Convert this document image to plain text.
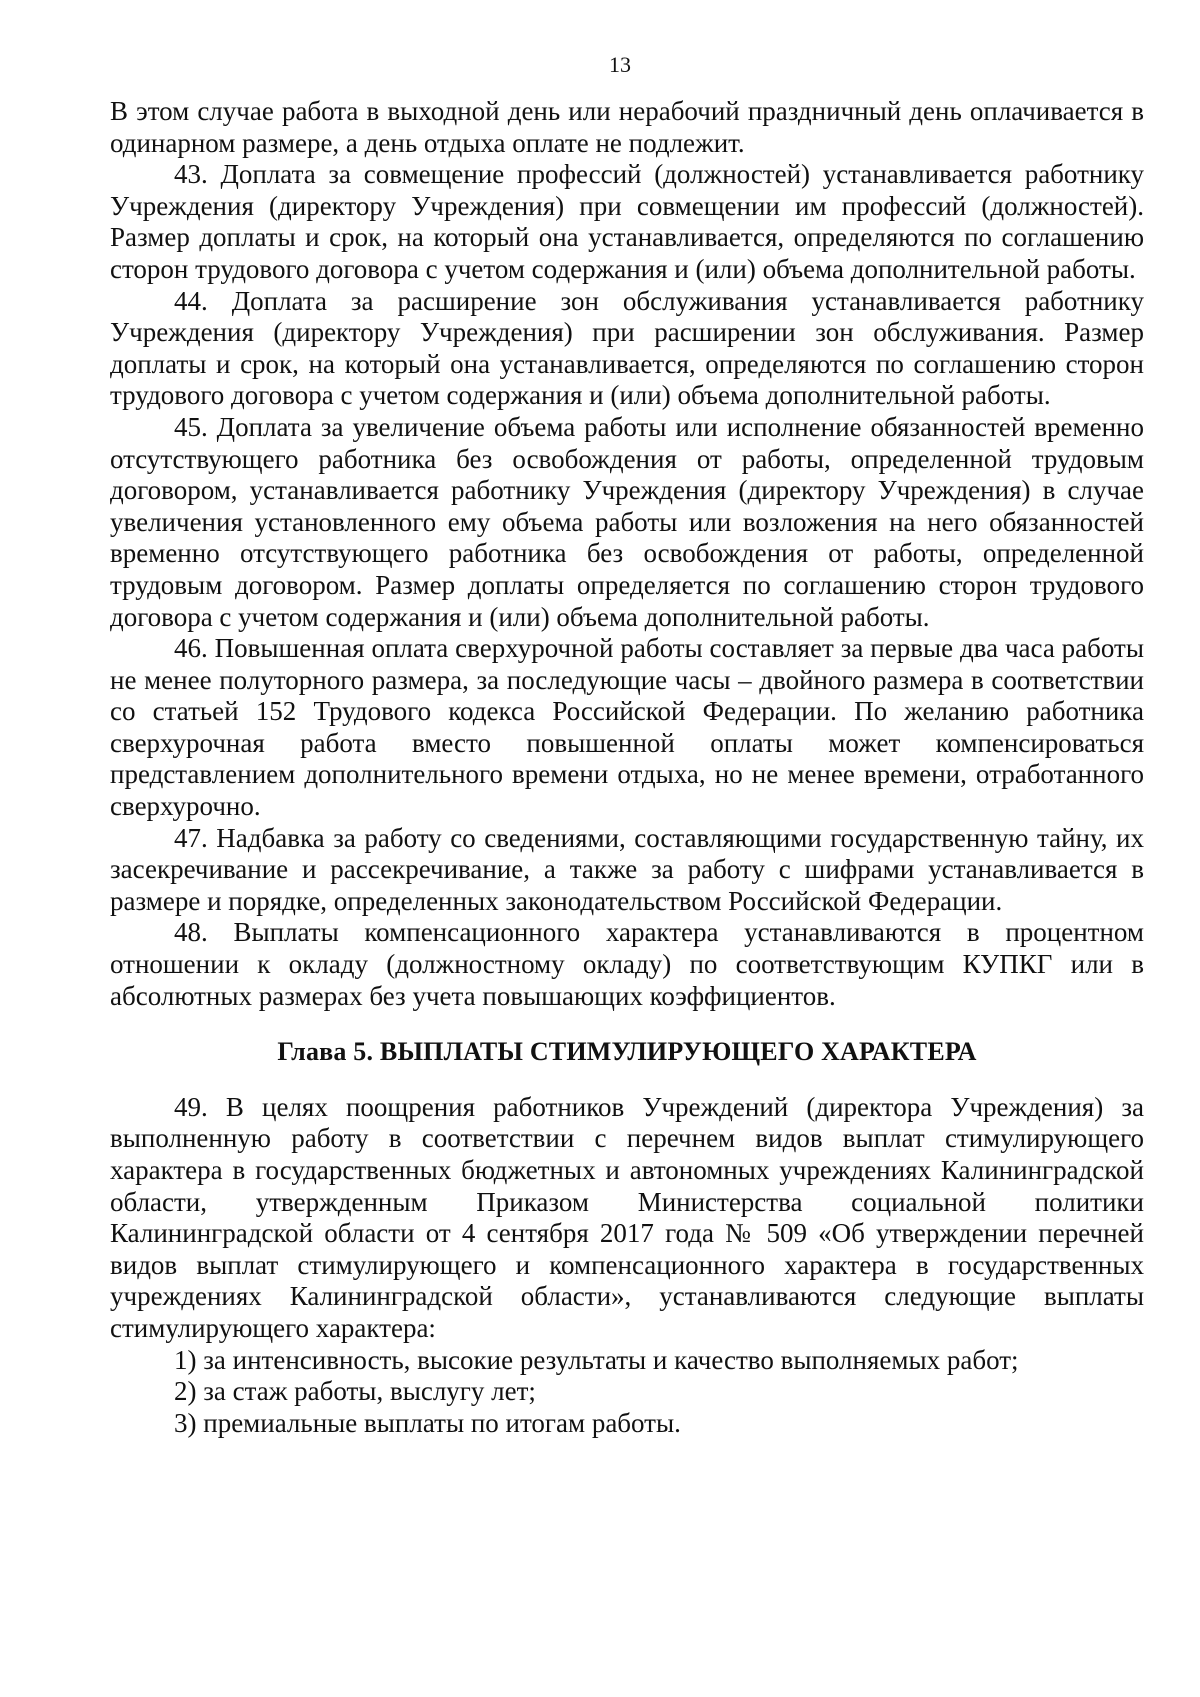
13

В этом случае работа в выходной день или нерабочий праздничный день оплачивается в одинарном размере, а день отдыха оплате не подлежит.

43. Доплата за совмещение профессий (должностей) устанавливается работнику Учреждения (директору Учреждения) при совмещении им профессий (должностей). Размер доплаты и срок, на который она устанавливается, определяются по соглашению сторон трудового договора с учетом содержания и (или) объема дополнительной работы.

44. Доплата за расширение зон обслуживания устанавливается работнику Учреждения (директору Учреждения) при расширении зон обслуживания. Размер доплаты и срок, на который она устанавливается, определяются по соглашению сторон трудового договора с учетом содержания и (или) объема дополнительной работы.

45. Доплата за увеличение объема работы или исполнение обязанностей временно отсутствующего работника без освобождения от работы, определенной трудовым договором, устанавливается работнику Учреждения (директору Учреждения) в случае увеличения установленного ему объема работы или возложения на него обязанностей временно отсутствующего работника без освобождения от работы, определенной трудовым договором. Размер доплаты определяется по соглашению сторон трудового договора с учетом содержания и (или) объема дополнительной работы.

46. Повышенная оплата сверхурочной работы составляет за первые два часа работы не менее полуторного размера, за последующие часы – двойного размера в соответствии со статьей 152 Трудового кодекса Российской Федерации. По желанию работника сверхурочная работа вместо повышенной оплаты может компенсироваться представлением дополнительного времени отдыха, но не менее времени, отработанного сверхурочно.

47. Надбавка за работу со сведениями, составляющими государственную тайну, их засекречивание и рассекречивание, а также за работу с шифрами устанавливается в размере и порядке, определенных законодательством Российской Федерации.

48. Выплаты компенсационного характера устанавливаются в процентном отношении к окладу (должностному окладу) по соответствующим КУПКГ или в абсолютных размерах без учета повышающих коэффициентов.

Глава 5. ВЫПЛАТЫ СТИМУЛИРУЮЩЕГО ХАРАКТЕРА

49. В целях поощрения работников Учреждений (директора Учреждения) за выполненную работу в соответствии с перечнем видов выплат стимулирующего характера в государственных бюджетных и автономных учреждениях Калининградской области, утвержденным Приказом Министерства социальной политики Калининградской области от 4 сентября 2017 года № 509 «Об утверждении перечней видов выплат стимулирующего и компенсационного характера в государственных учреждениях Калининградской области», устанавливаются следующие выплаты стимулирующего характера:

1) за интенсивность, высокие результаты и качество выполняемых работ;

2) за стаж работы, выслугу лет;

3) премиальные выплаты по итогам работы.
